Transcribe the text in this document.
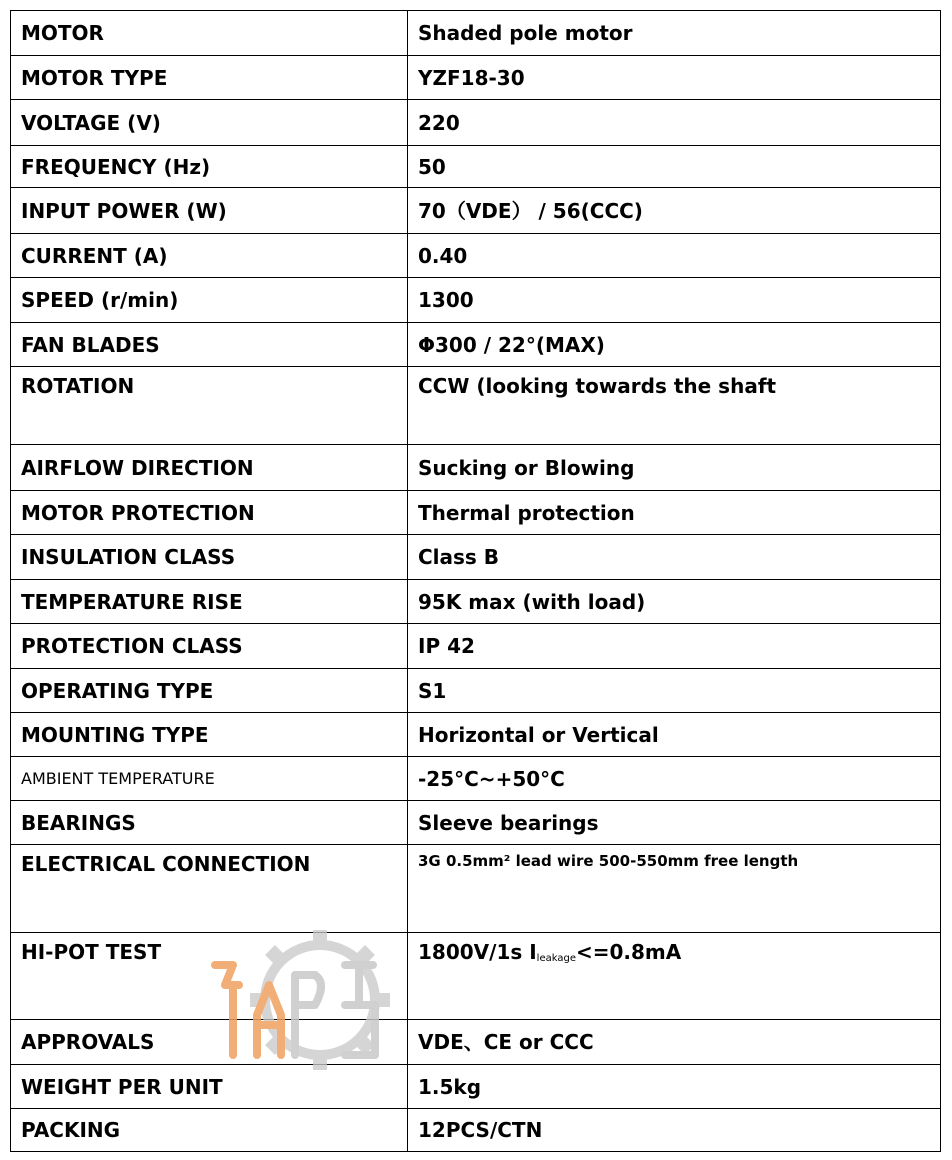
MOTOR	Shaded pole motor
MOTOR TYPE	YZF18-30
VOLTAGE (V)	220
FREQUENCY (Hz)	50
INPUT POWER (W)	70（VDE） / 56(CCC)
CURRENT (A)	0.40
SPEED (r/min)	1300
FAN BLADES	Φ300 / 22°(MAX)
ROTATION	CCW (looking towards the shaft
AIRFLOW DIRECTION	Sucking or Blowing
MOTOR PROTECTION	Thermal protection
INSULATION CLASS	Class B
TEMPERATURE RISE	95K max (with load)
PROTECTION CLASS	IP 42
OPERATING TYPE	S1
MOUNTING TYPE	Horizontal or Vertical
AMBIENT TEMPERATURE	-25°C~+50°C
BEARINGS	Sleeve bearings
ELECTRICAL CONNECTION	3G 0.5mm² lead wire 500-550mm free length
HI-POT TEST	1800V/1s Ileakage<=0.8mA
APPROVALS	VDE、CE or CCC
WEIGHT PER UNIT	1.5kg
PACKING	12PCS/CTN
